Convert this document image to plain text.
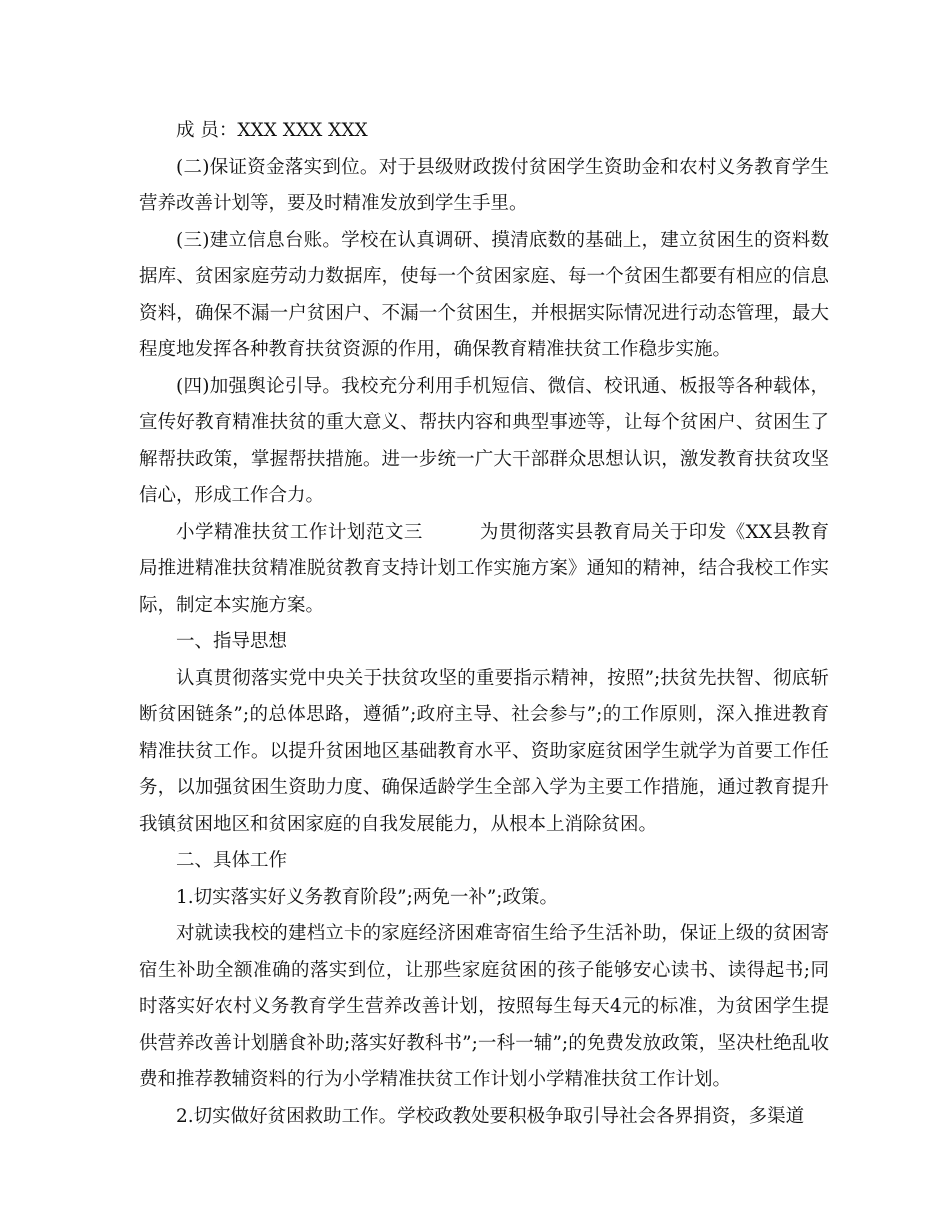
成 员：XXX XXX XXX

(二)保证资金落实到位。对于县级财政拨付贫困学生资助金和农村义务教育学生营养改善计划等，要及时精准发放到学生手里。

(三)建立信息台账。学校在认真调研、摸清底数的基础上，建立贫困生的资料数据库、贫困家庭劳动力数据库，使每一个贫困家庭、每一个贫困生都要有相应的信息资料，确保不漏一户贫困户、不漏一个贫困生，并根据实际情况进行动态管理，最大程度地发挥各种教育扶贫资源的作用，确保教育精准扶贫工作稳步实施。

(四)加强舆论引导。我校充分利用手机短信、微信、校讯通、板报等各种载体，宣传好教育精准扶贫的重大意义、帮扶内容和典型事迹等，让每个贫困户、贫困生了解帮扶政策，掌握帮扶措施。进一步统一广大干部群众思想认识，激发教育扶贫攻坚信心，形成工作合力。

小学精准扶贫工作计划范文三　　　为贯彻落实县教育局关于印发《XX县教育局推进精准扶贫精准脱贫教育支持计划工作实施方案》通知的精神，结合我校工作实际，制定本实施方案。

一、指导思想

认真贯彻落实党中央关于扶贫攻坚的重要指示精神，按照”;扶贫先扶智、彻底斩断贫困链条”;的总体思路，遵循”;政府主导、社会参与”;的工作原则，深入推进教育精准扶贫工作。以提升贫困地区基础教育水平、资助家庭贫困学生就学为首要工作任务，以加强贫困生资助力度、确保适龄学生全部入学为主要工作措施，通过教育提升我镇贫困地区和贫困家庭的自我发展能力，从根本上消除贫困。

二、具体工作

1.切实落实好义务教育阶段”;两免一补”;政策。

对就读我校的建档立卡的家庭经济困难寄宿生给予生活补助，保证上级的贫困寄宿生补助全额准确的落实到位，让那些家庭贫困的孩子能够安心读书、读得起书;同时落实好农村义务教育学生营养改善计划，按照每生每天4元的标准，为贫困学生提供营养改善计划膳食补助;落实好教科书”;一科一辅”;的免费发放政策，坚决杜绝乱收费和推荐教辅资料的行为小学精准扶贫工作计划小学精准扶贫工作计划。

2.切实做好贫困救助工作。学校政教处要积极争取引导社会各界捐资，多渠道
